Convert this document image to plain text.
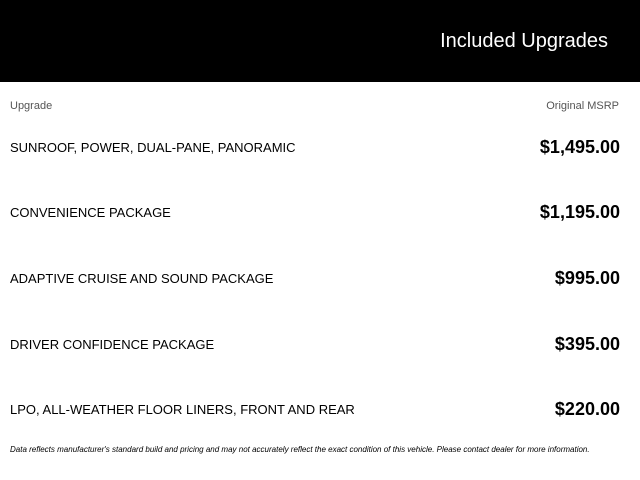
Included Upgrades
Upgrade	Original MSRP
SUNROOF, POWER, DUAL-PANE, PANORAMIC	$1,495.00
CONVENIENCE PACKAGE	$1,195.00
ADAPTIVE CRUISE AND SOUND PACKAGE	$995.00
DRIVER CONFIDENCE PACKAGE	$395.00
LPO, ALL-WEATHER FLOOR LINERS, FRONT AND REAR	$220.00
Data reflects manufacturer's standard build and pricing and may not accurately reflect the exact condition of this vehicle. Please contact dealer for more information.
